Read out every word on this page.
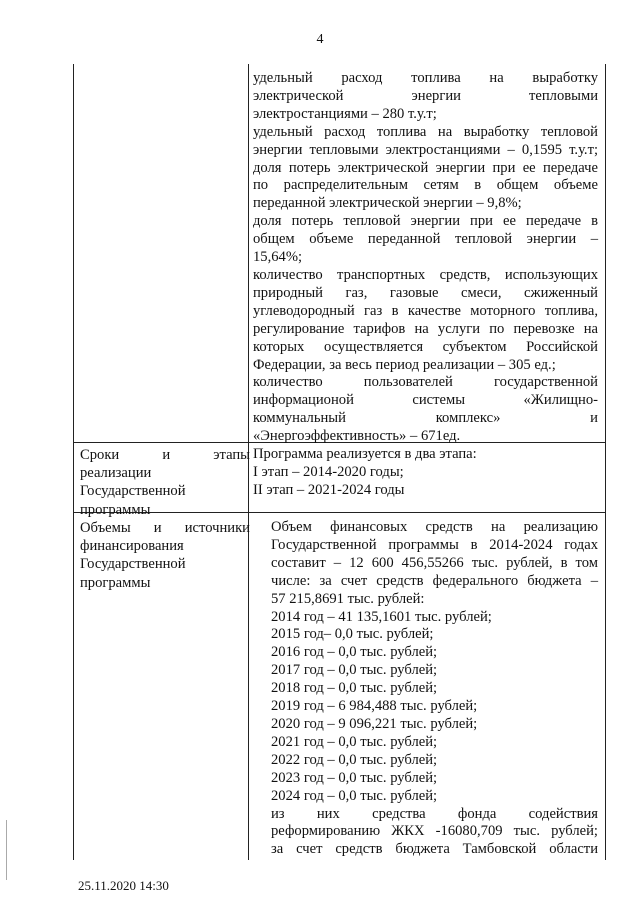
4

удельный расход топлива на выработку

электрической энергии тепловыми

электростанциями – 280 т.у.т;

удельный расход топлива на выработку тепловой

энергии тепловыми электростанциями – 0,1595 т.у.т;

доля потерь электрической энергии при ее передаче

по распределительным сетям в общем объеме

переданной электрической энергии – 9,8%;

доля потерь тепловой энергии при ее передаче в

общем объеме переданной тепловой энергии –

15,64%;

количество транспортных средств, использующих

природный газ, газовые смеси, сжиженный

углеводородный газ в качестве моторного топлива,

регулирование тарифов на услуги по перевозке на

которых осуществляется субъектом Российской

Федерации, за весь период реализации – 305 ед.;

количество пользователей государственной

информационой системы «Жилищно-

коммунальный комплекс» и

«Энергоэффективность» – 671ед.

Сроки и этапы

реализации

Государственной

программы

Программа реализуется в два этапа:

I этап – 2014-2020 годы;

II этап – 2021-2024 годы

Объемы и источники

финансирования

Государственной

программы

Объем финансовых средств на реализацию

Государственной программы в 2014-2024 годах

составит – 12 600 456,55266 тыс. рублей, в том

числе: за счет средств федерального бюджета –

57 215,8691 тыс. рублей:

2014 год – 41 135,1601 тыс. рублей;

2015 год– 0,0 тыс. рублей;

2016 год – 0,0 тыс. рублей;

2017 год – 0,0 тыс. рублей;

2018 год – 0,0 тыс. рублей;

2019 год – 6 984,488 тыс. рублей;

2020 год – 9 096,221 тыс. рублей;

2021 год – 0,0 тыс. рублей;

2022 год – 0,0 тыс. рублей;

2023 год – 0,0 тыс. рублей;

2024 год – 0,0 тыс. рублей;

из них средства фонда содействия

реформированию ЖКХ -16080,709 тыс. рублей;

за счет средств бюджета Тамбовской области

25.11.2020 14:30
